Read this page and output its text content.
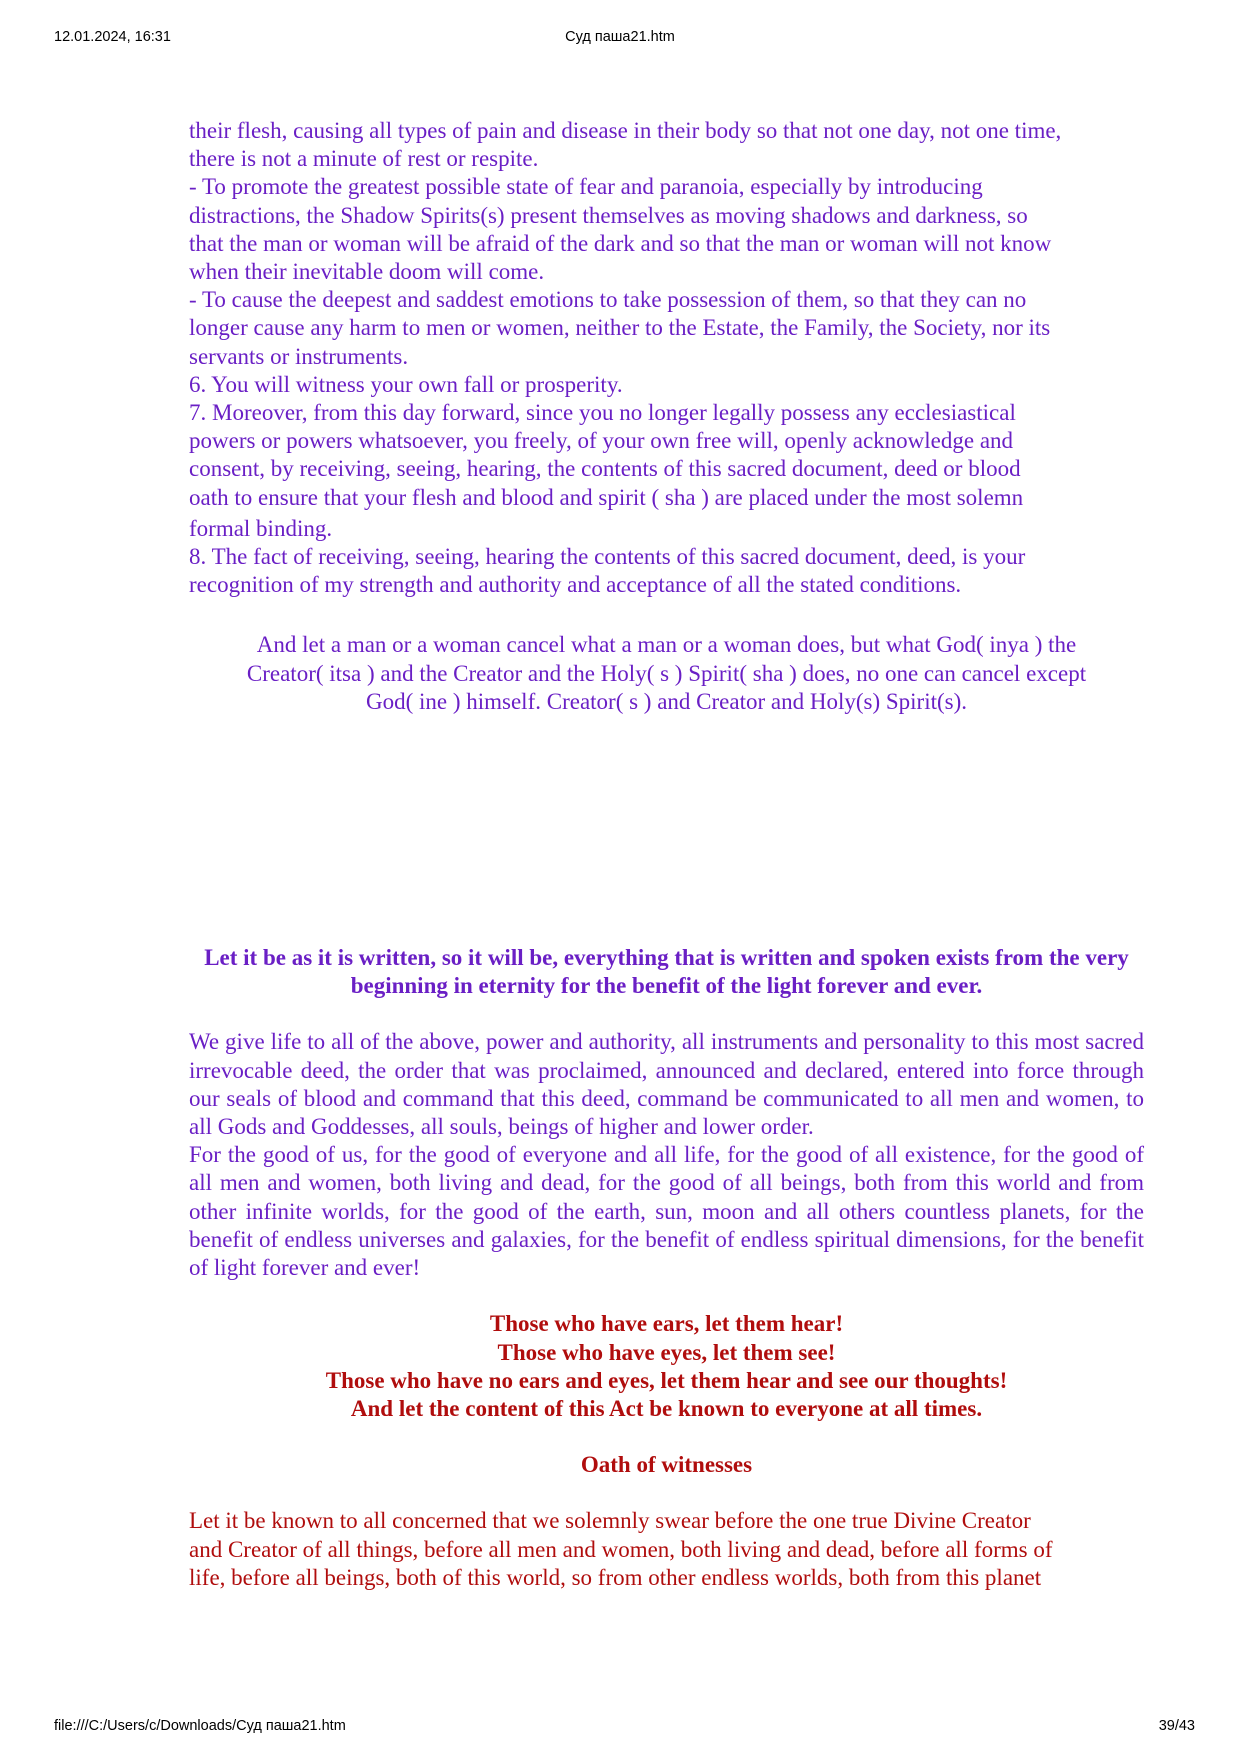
12.01.2024, 16:31	Суд паша21.htm
their flesh, causing all types of pain and disease in their body so that not one day, not one time,
there is not a minute of rest or respite.
- To promote the greatest possible state of fear and paranoia, especially by introducing
distractions, the Shadow Spirits(s) present themselves as moving shadows and darkness, so
that the man or woman will be afraid of the dark and so that the man or woman will not know
when their inevitable doom will come.
- To cause the deepest and saddest emotions to take possession of them, so that they can no
longer cause any harm to men or women, neither to the Estate, the Family, the Society, nor its
servants or instruments.
6. You will witness your own fall or prosperity.
7. Moreover, from this day forward, since you no longer legally possess any ecclesiastical
powers or powers whatsoever, you freely, of your own free will, openly acknowledge and
consent, by receiving, seeing, hearing, the contents of this sacred document, deed or blood
oath to ensure that your flesh and blood and spirit ( sha ) are placed under the most solemn
formal binding.
8. The fact of receiving, seeing, hearing the contents of this sacred document, deed, is your
recognition of my strength and authority and acceptance of all the stated conditions.
And let a man or a woman cancel what a man or a woman does, but what God( inya ) the
Creator( itsa ) and the Creator and the Holy( s ) Spirit( sha ) does, no one can cancel except
God( ine ) himself. Creator( s ) and Creator and Holy(s) Spirit(s).

Let it be as it is written, so it will be, everything that is written and spoken exists from the very beginning in eternity for the benefit of the light forever and ever.

We give life to all of the above, power and authority, all instruments and personality to this most sacred irrevocable deed, the order that was proclaimed, announced and declared, entered into force through our seals of blood and command that this deed, command be communicated to all men and women, to all Gods and Goddesses, all souls, beings of higher and lower order.

For the good of us, for the good of everyone and all life, for the good of all existence, for the good of all men and women, both living and dead, for the good of all beings, both from this world and from other infinite worlds, for the good of the earth, sun, moon and all others countless planets, for the benefit of endless universes and galaxies, for the benefit of endless spiritual dimensions, for the benefit of light forever and ever!

Those who have ears, let them hear!
Those who have eyes, let them see!
Those who have no ears and eyes, let them hear and see our thoughts!
And let the content of this Act be known to everyone at all times.

Oath of witnesses

Let it be known to all concerned that we solemnly swear before the one true Divine Creator
and Creator of all things, before all men and women, both living and dead, before all forms of
life, before all beings, both of this world, so from other endless worlds, both from this planet
file:///C:/Users/c/Downloads/Суд паша21.htm	39/43
